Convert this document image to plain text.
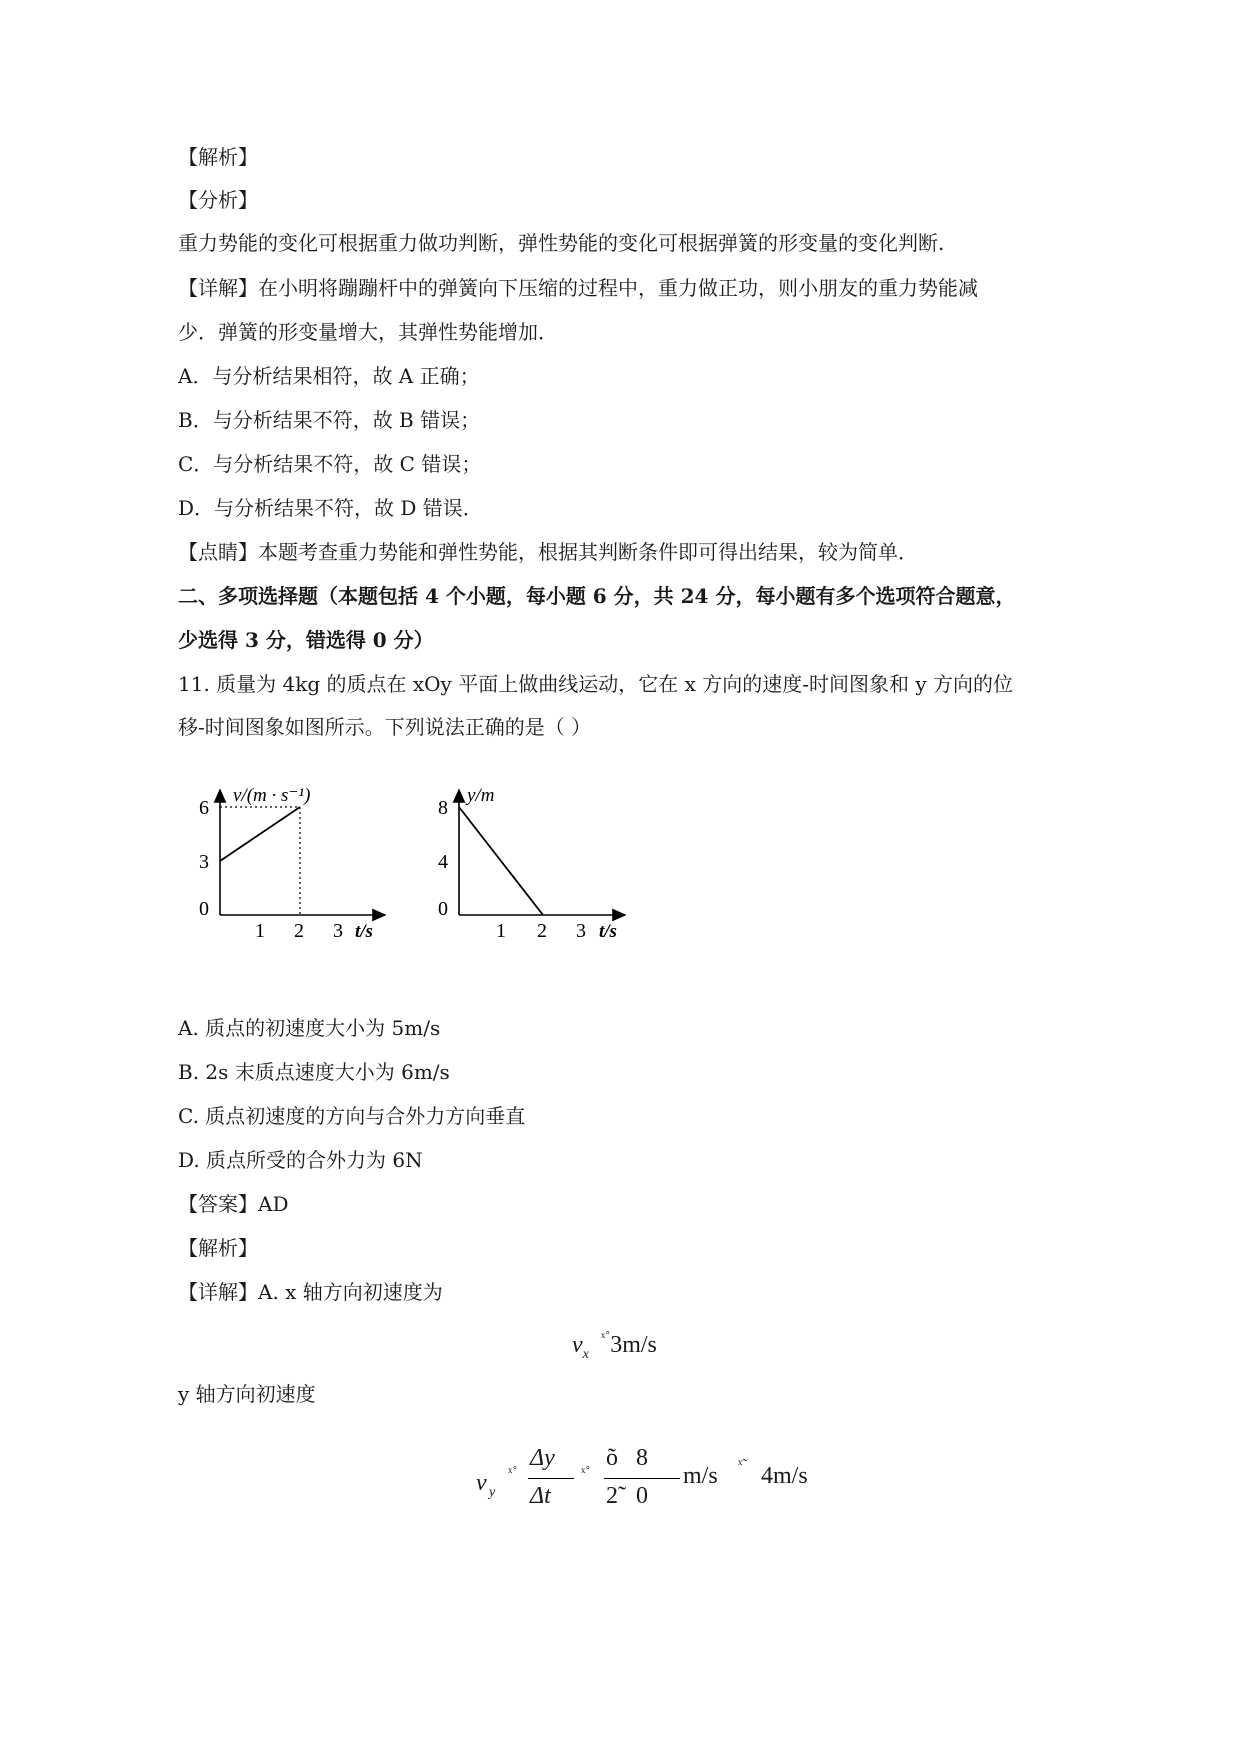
【解析】
【分析】
重力势能的变化可根据重力做功判断，弹性势能的变化可根据弹簧的形变量的变化判断.
【详解】在小明将蹦蹦杆中的弹簧向下压缩的过程中，重力做正功，则小朋友的重力势能减
少．弹簧的形变量增大，其弹性势能增加．
A．与分析结果相符，故 A 正确；
B．与分析结果不符，故 B 错误；
C．与分析结果不符，故 C 错误；
D．与分析结果不符，故 D 错误．
【点睛】本题考查重力势能和弹性势能，根据其判断条件即可得出结果，较为简单．
二、多项选择题（本题包括 4 个小题，每小题 6 分，共 24 分，每小题有多个选项符合题意，
少选得 3 分，错选得 0 分）
11. 质量为 4kg 的质点在 xOy 平面上做曲线运动，它在 x 方向的速度-时间图象和 y 方向的位
移-时间图象如图所示。下列说法正确的是（ ）
v/(m · s⁻¹)
6
3
0
1 2 3 t/s
y/m
8
4
0
1 2 3 t/s
A. 质点的初速度大小为 5m/s
B. 2s 末质点速度大小为 6m/s
C. 质点初速度的方向与合外力方向垂直
D. 质点所受的合外力为 6N
【答案】AD
【解析】
【详解】A. x 轴方向初速度为
$v_x$ $^{ˣ˚}$3m/s
y 轴方向初速度
v y
ˣ˚
Δy
Δt
ˣ˚
õ   8
2̃   0
m/s ˣ̃ 4m/s
